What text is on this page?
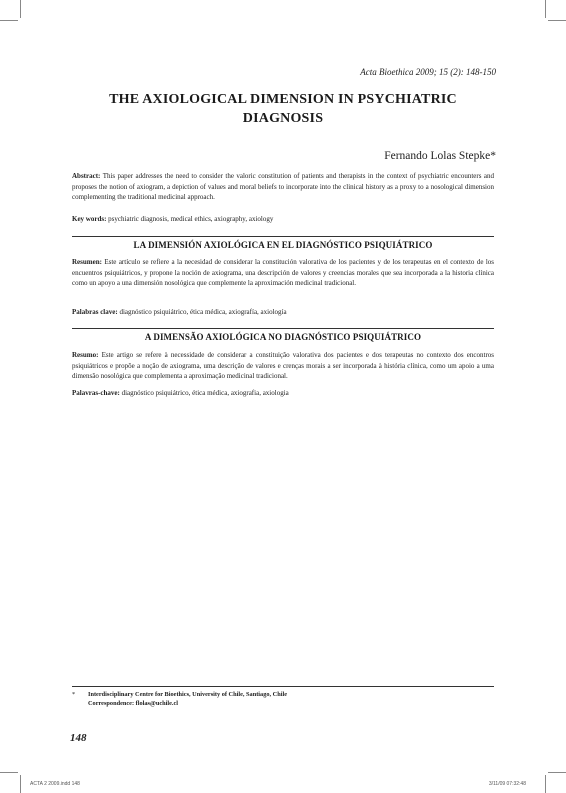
Acta Bioethica 2009; 15 (2): 148-150
THE AXIOLOGICAL DIMENSION IN PSYCHIATRIC DIAGNOSIS
Fernando Lolas Stepke*
Abstract: This paper addresses the need to consider the valoric constitution of patients and therapists in the context of psychiatric encounters and proposes the notion of axiogram, a depiction of values and moral beliefs to incorporate into the clinical history as a proxy to a nosological dimension complementing the traditional medicinal approach.
Key words: psychiatric diagnosis, medical ethics, axiography, axiology
LA DIMENSIÓN AXIOLÓGICA EN EL DIAGNÓSTICO PSIQUIÁTRICO
Resumen: Este artículo se refiere a la necesidad de considerar la constitución valorativa de los pacientes y de los terapeutas en el contexto de los encuentros psiquiátricos, y propone la noción de axiograma, una descripción de valores y creencias morales que sea incorporada a la historia clínica como un apoyo a una dimensión nosológica que complemente la aproximación medicinal tradicional.
Palabras clave: diagnóstico psiquiátrico, ética médica, axiografía, axiología
A DIMENSÃO AXIOLÓGICA NO DIAGNÓSTICO PSIQUIÁTRICO
Resumo: Este artigo se refere à necessidade de considerar a constituição valorativa dos pacientes e dos terapeutas no contexto dos encontros psiquiátricos e propõe a noção de axiograma, uma descrição de valores e crenças morais a ser incorporada à história clínica, como um apoio a uma dimensão nosológica que complementa a aproximação medicinal tradicional.
Palavras-chave: diagnóstico psiquiátrico, ética médica, axiografia, axiologia
* Interdisciplinary Centre for Bioethics, University of Chile, Santiago, Chile
Correspondence: flolas@uchile.cl
148
ACTA 2 2009.indd 148	3/11/09 07:32:48
